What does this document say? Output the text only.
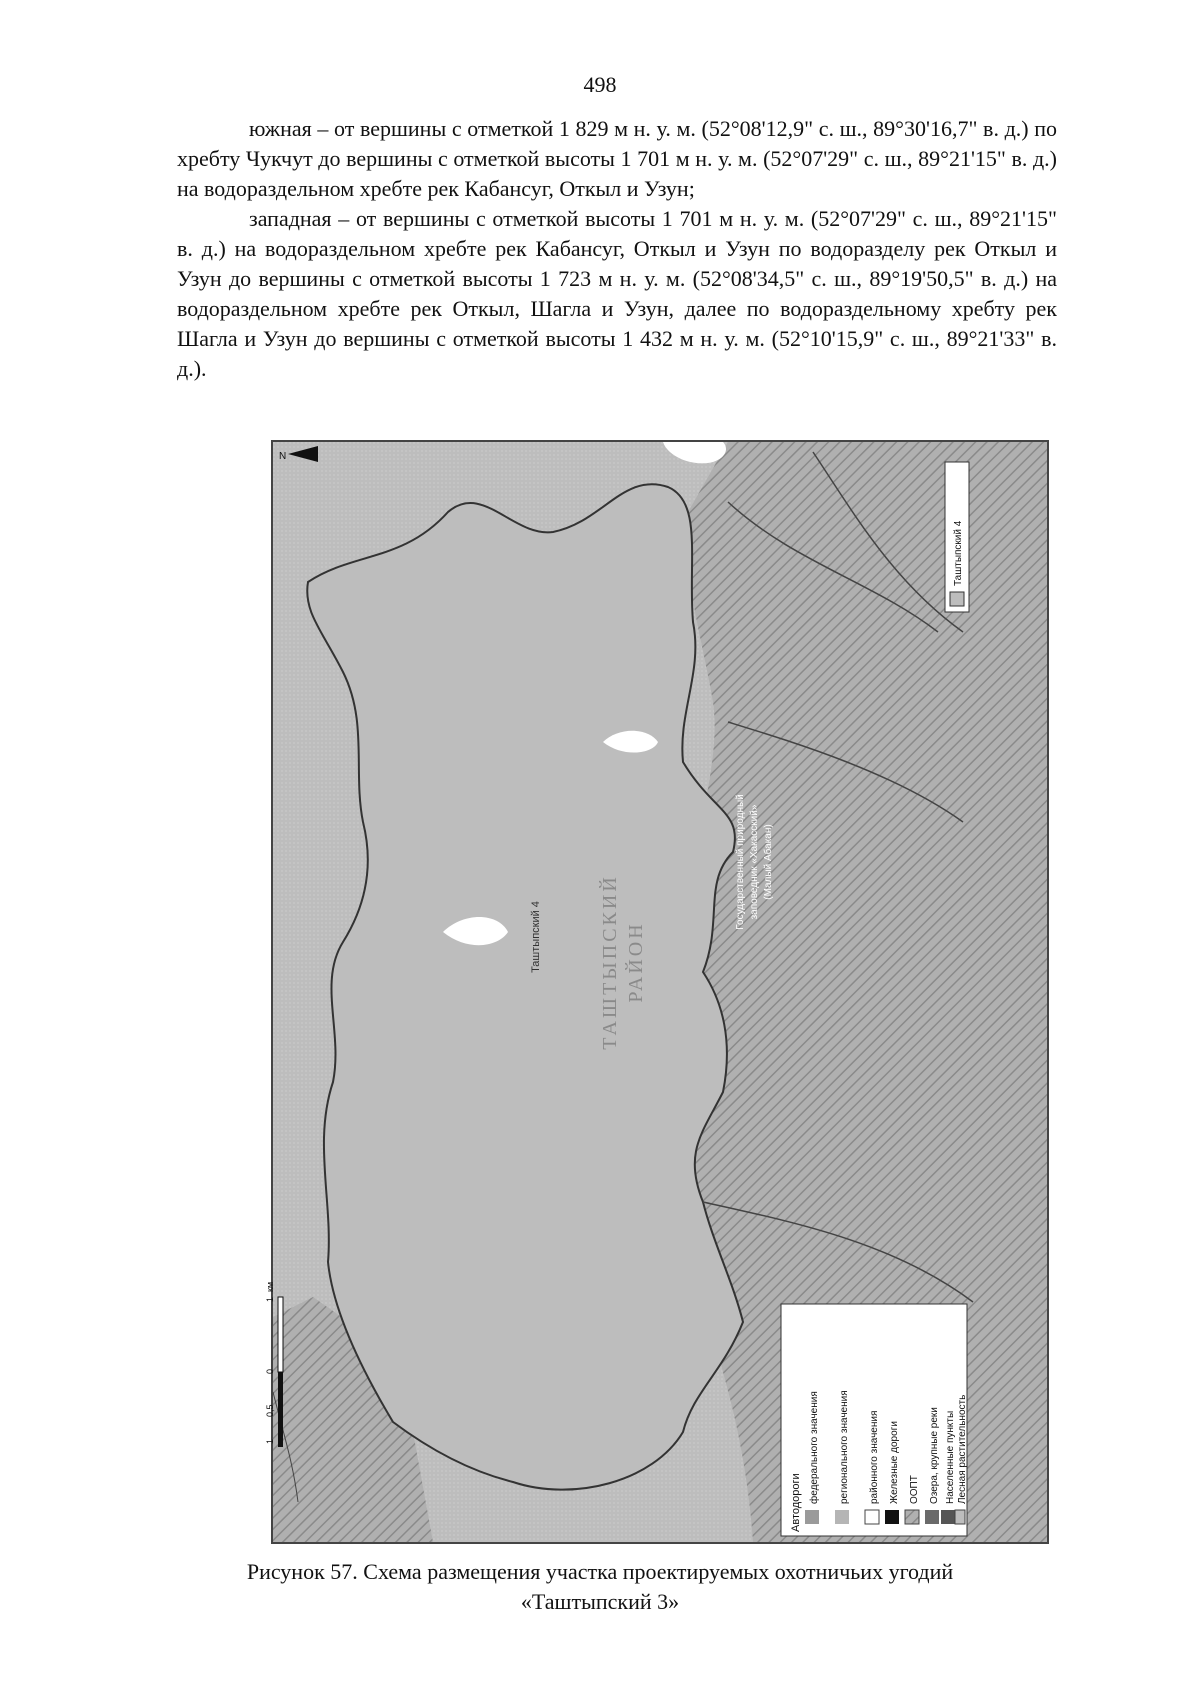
498

южная – от вершины с отметкой 1 829 м н. у. м. (52°08'12,9" с. ш., 89°30'16,7" в. д.) по хребту Чукчут до вершины с отметкой высоты 1 701 м н. у. м. (52°07'29" с. ш., 89°21'15" в. д.) на водораздельном хребте рек Кабансуг, Откыл и Узун;

западная – от вершины с отметкой высоты 1 701 м н. у. м. (52°07'29" с. ш., 89°21'15" в. д.) на водораздельном хребте рек Кабансуг, Откыл и Узун по водоразделу рек Откыл и Узун до вершины с отметкой высоты 1 723 м н. у. м. (52°08'34,5" с. ш., 89°19'50,5" в. д.) на водораздельном хребте рек Откыл, Шагла и Узун, далее по водораздельному хребту рек Шагла и Узун до вершины с отметкой высоты 1 432 м н. у. м. (52°10'15,9" с. ш., 89°21'33" в. д.).

N
ТАШТЫПСКИЙ РАЙОН
Таштыпский 4
Государственный природный заповедник «Хакасский» (Малый Абакан)
Таштыпский 4
1
0,5
0
1
км
Автодороги федерального значения регионального значения районного значения Железные дороги ООПТ Озера, крупные реки Населенные пункты Лесная растительность
Рисунок 57. Схема размещения участка проектируемых охотничьих угодий
«Таштыпский 3»
